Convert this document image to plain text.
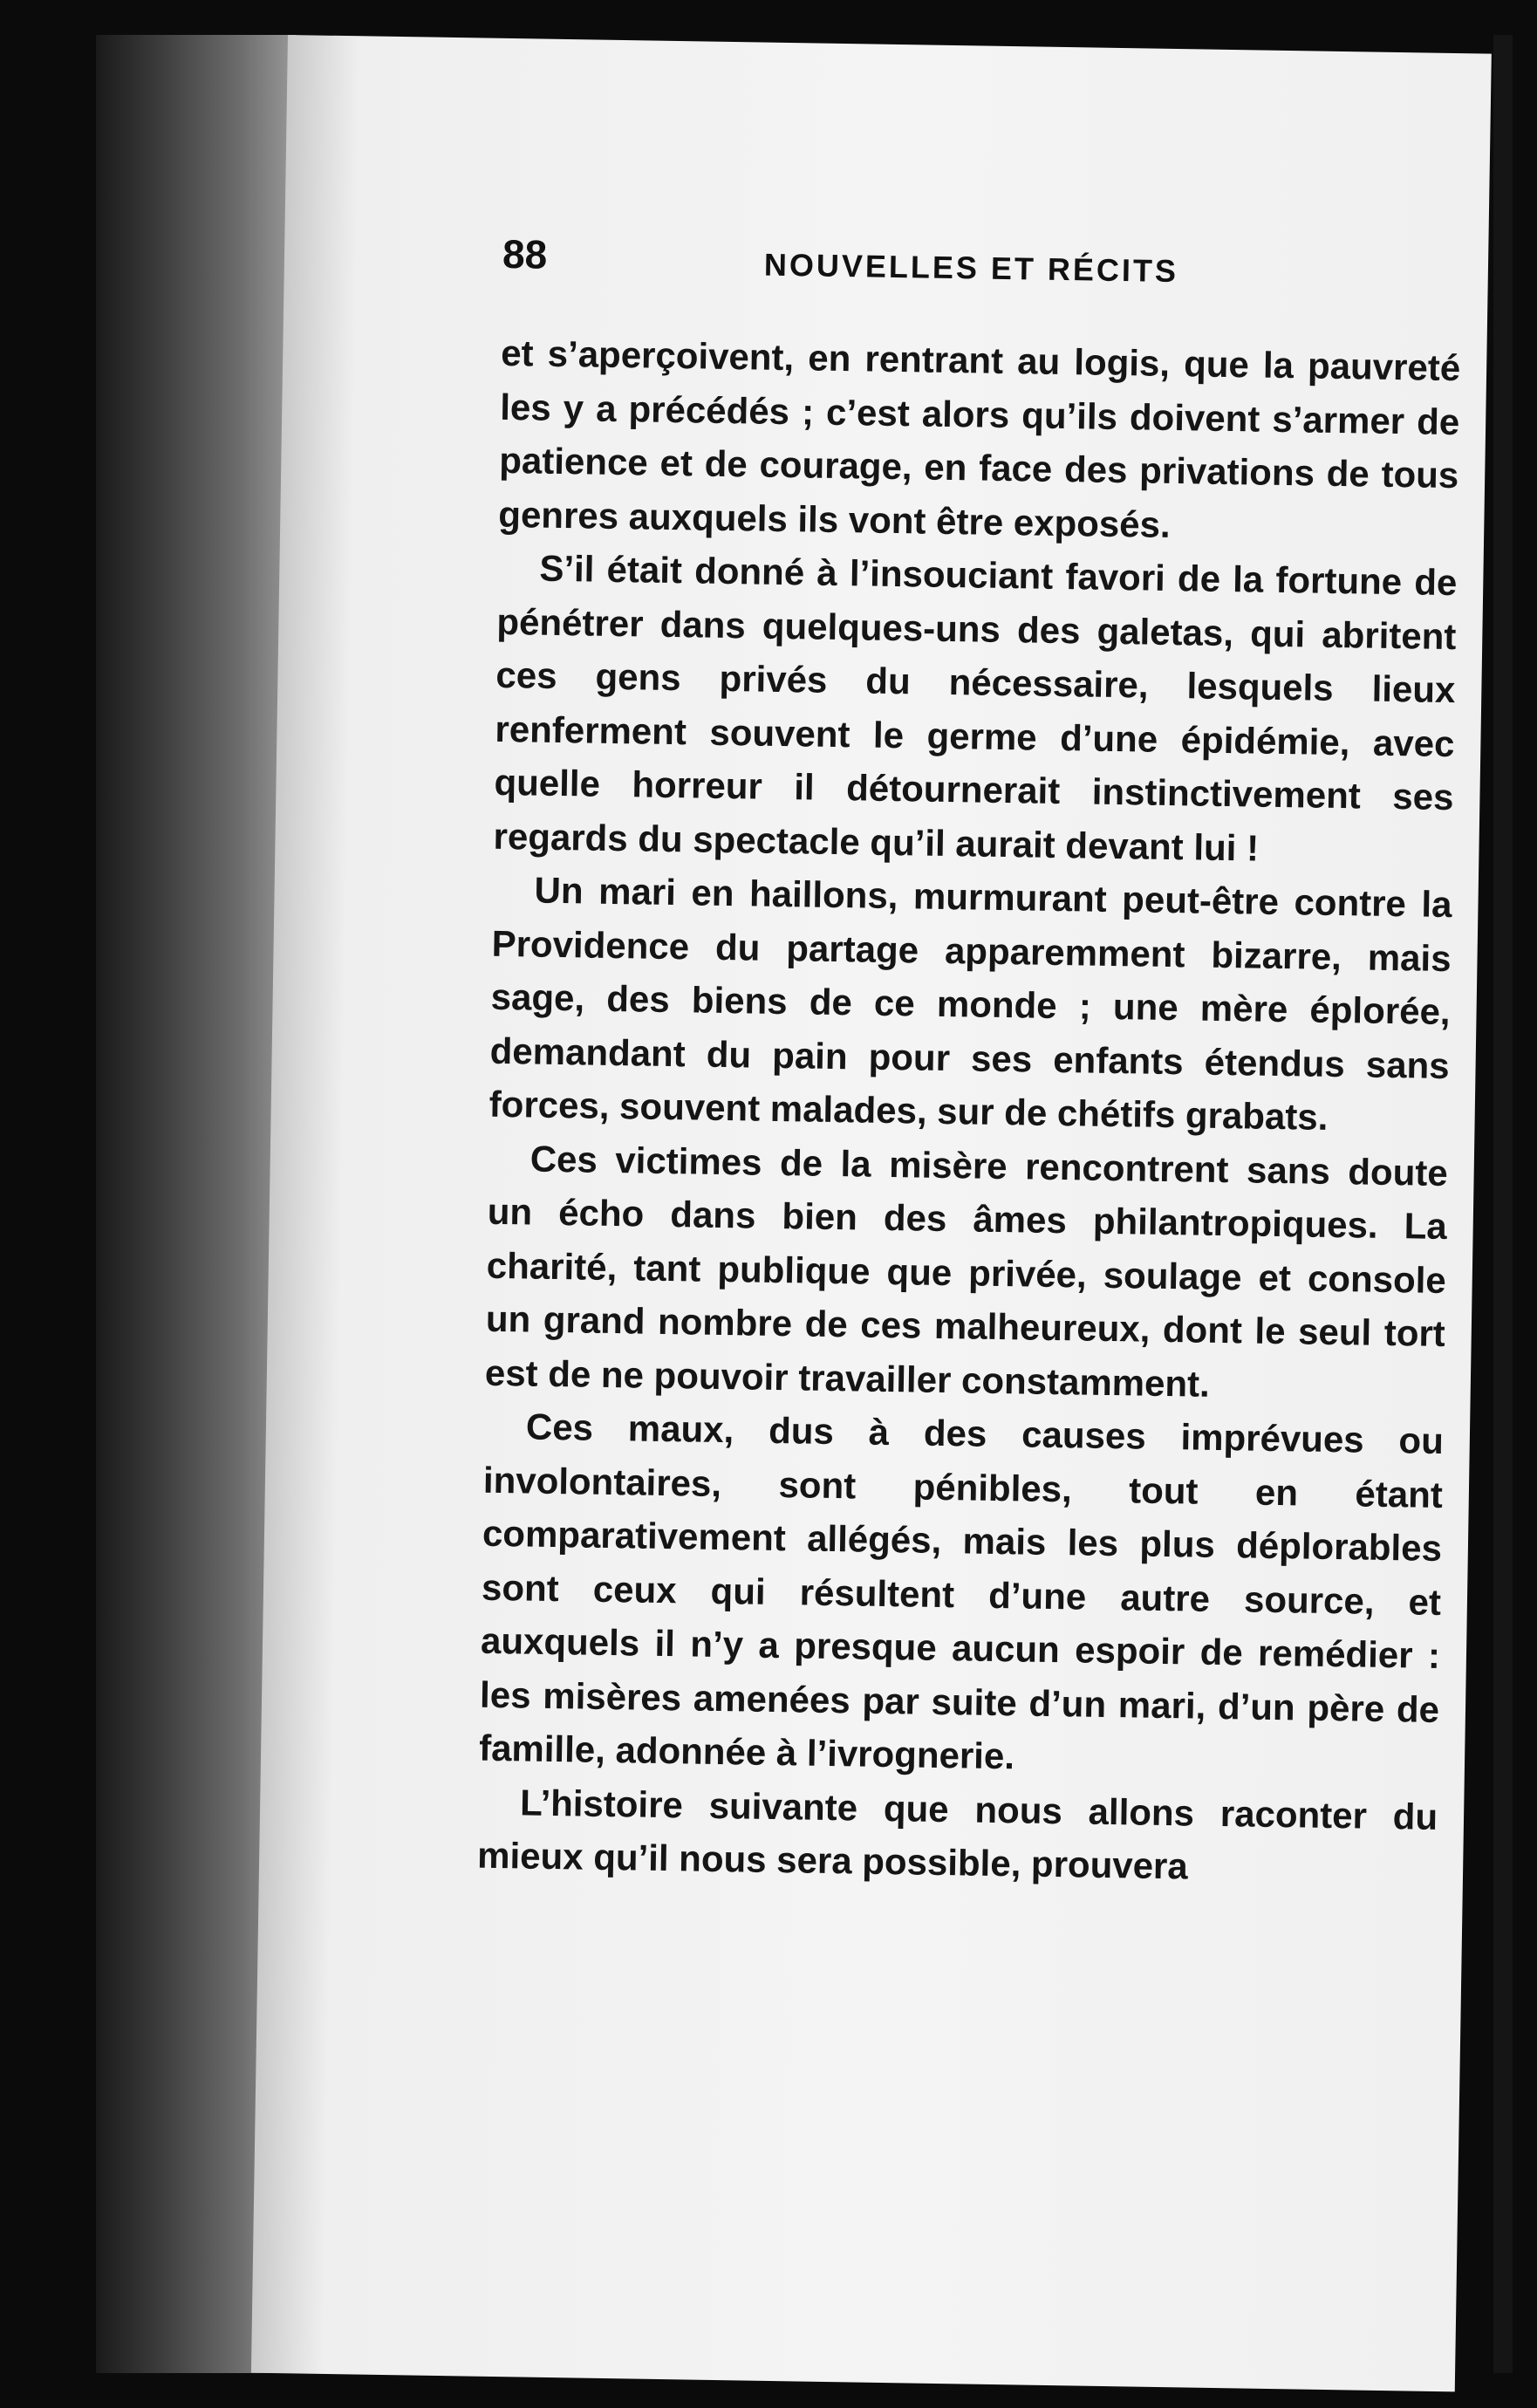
88	NOUVELLES ET RÉCITS

et s’aperçoivent, en rentrant au logis, que la pauvreté les y a précédés ; c’est alors qu’ils doivent s’armer de patience et de courage, en face des privations de tous genres auxquels ils vont être exposés.

S’il était donné à l’insouciant favori de la fortune de pénétrer dans quelques-uns des galetas, qui abritent ces gens privés du nécessaire, lesquels lieux renferment souvent le germe d’une épidémie, avec quelle horreur il détournerait instinctivement ses regards du spectacle qu’il aurait devant lui !

Un mari en haillons, murmurant peut-être contre la Providence du partage apparemment bizarre, mais sage, des biens de ce monde ; une mère éplorée, demandant du pain pour ses enfants étendus sans forces, souvent malades, sur de chétifs grabats.

Ces victimes de la misère rencontrent sans doute un écho dans bien des âmes philantropiques. La charité, tant publique que privée, soulage et console un grand nombre de ces malheureux, dont le seul tort est de ne pouvoir travailler constamment.

Ces maux, dus à des causes imprévues ou involontaires, sont pénibles, tout en étant comparativement allégés, mais les plus déplorables sont ceux qui résultent d’une autre source, et auxquels il n’y a presque aucun espoir de remédier : les misères amenées par suite d’un mari, d’un père de famille, adonnée à l’ivrognerie.

L’histoire suivante que nous allons raconter du mieux qu’il nous sera possible, prouvera
